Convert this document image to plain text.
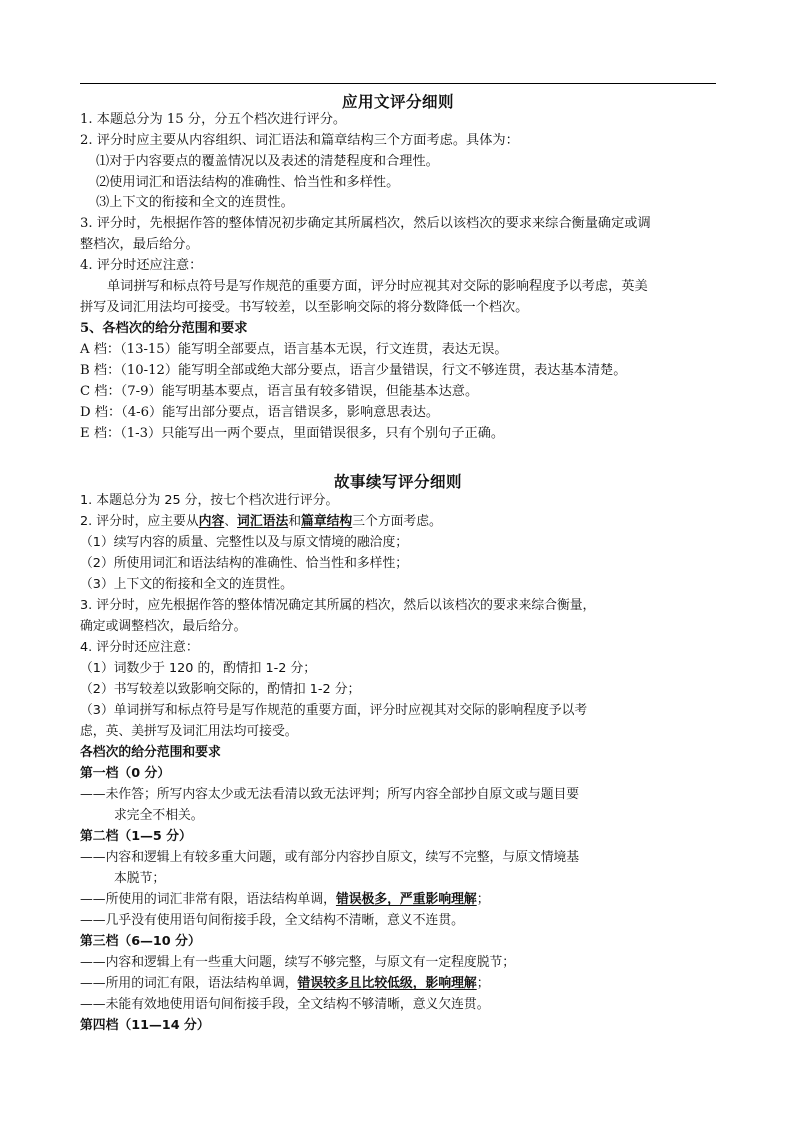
应用文评分细则
1. 本题总分为 15 分，分五个档次进行评分。
2. 评分时应主要从内容组织、词汇语法和篇章结构三个方面考虑。具体为：
⑴对于内容要点的覆盖情况以及表述的清楚程度和合理性。
⑵使用词汇和语法结构的准确性、恰当性和多样性。
⑶上下文的衔接和全文的连贯性。
3. 评分时，先根据作答的整体情况初步确定其所属档次，然后以该档次的要求来综合衡量确定或调
整档次，最后给分。
4. 评分时还应注意：
单词拼写和标点符号是写作规范的重要方面，评分时应视其对交际的影响程度予以考虑，英美
拼写及词汇用法均可接受。书写较差，以至影响交际的将分数降低一个档次。
5、各档次的给分范围和要求
A 档：（13-15）能写明全部要点，语言基本无误，行文连贯，表达无误。
B 档：（10-12）能写明全部或绝大部分要点，语言少量错误，行文不够连贯，表达基本清楚。
C 档：（7-9）能写明基本要点，语言虽有较多错误，但能基本达意。
D 档：（4-6）能写出部分要点，语言错误多，影响意思表达。
E 档：（1-3）只能写出一两个要点，里面错误很多，只有个别句子正确。
故事续写评分细则
1. 本题总分为 25 分，按七个档次进行评分。
2. 评分时，应主要从内容、词汇语法和篇章结构三个方面考虑。
（1）续写内容的质量、完整性以及与原文情境的融洽度；
（2）所使用词汇和语法结构的准确性、恰当性和多样性；
（3）上下文的衔接和全文的连贯性。
3. 评分时，应先根据作答的整体情况确定其所属的档次，然后以该档次的要求来综合衡量，
确定或调整档次，最后给分。
4. 评分时还应注意：
（1）词数少于 120 的，酌情扣 1-2 分；
（2）书写较差以致影响交际的，酌情扣 1-2 分；
（3）单词拼写和标点符号是写作规范的重要方面，评分时应视其对交际的影响程度予以考
虑，英、美拼写及词汇用法均可接受。
各档次的给分范围和要求
第一档（0 分）
——未作答；所写内容太少或无法看清以致无法评判；所写内容全部抄自原文或与题目要
求完全不相关。
第二档（1—5 分）
——内容和逻辑上有较多重大问题，或有部分内容抄自原文，续写不完整，与原文情境基
本脱节；
——所使用的词汇非常有限，语法结构单调，错误极多，严重影响理解；
——几乎没有使用语句间衔接手段，全文结构不清晰，意义不连贯。
第三档（6—10 分）
——内容和逻辑上有一些重大问题，续写不够完整，与原文有一定程度脱节；
——所用的词汇有限，语法结构单调，错误较多且比较低级，影响理解；
——未能有效地使用语句间衔接手段，全文结构不够清晰，意义欠连贯。
第四档（11—14 分）
